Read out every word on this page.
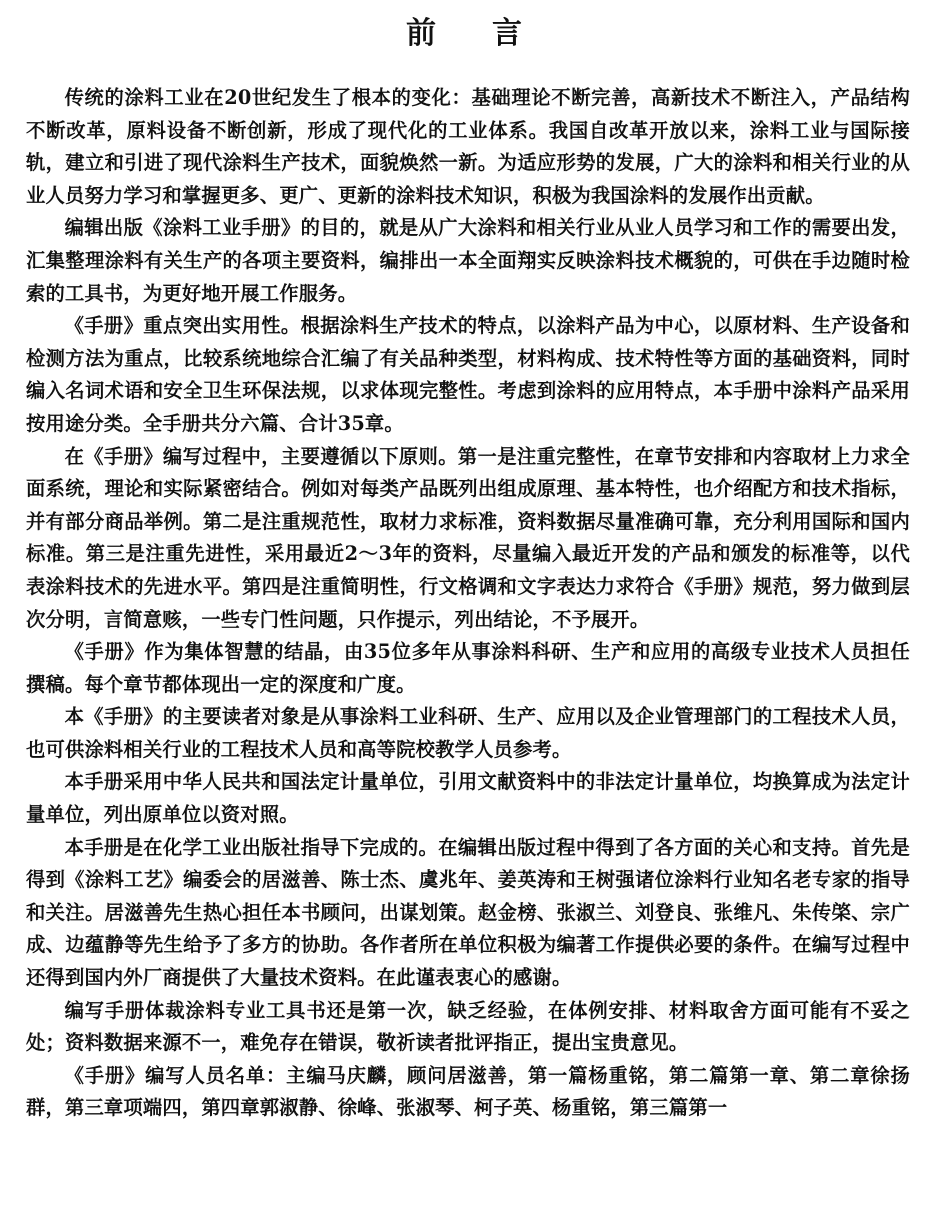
前言

传统的涂料工业在20世纪发生了根本的变化：基础理论不断完善，高新技术不断注入，产品结构不断改革，原料设备不断创新，形成了现代化的工业体系。我国自改革开放以来，涂料工业与国际接轨，建立和引进了现代涂料生产技术，面貌焕然一新。为适应形势的发展，广大的涂料和相关行业的从业人员努力学习和掌握更多、更广、更新的涂料技术知识，积极为我国涂料的发展作出贡献。

编辑出版《涂料工业手册》的目的，就是从广大涂料和相关行业从业人员学习和工作的需要出发，汇集整理涂料有关生产的各项主要资料，编排出一本全面翔实反映涂料技术概貌的，可供在手边随时检索的工具书，为更好地开展工作服务。

《手册》重点突出实用性。根据涂料生产技术的特点，以涂料产品为中心，以原材料、生产设备和检测方法为重点，比较系统地综合汇编了有关品种类型，材料构成、技术特性等方面的基础资料，同时编入名词术语和安全卫生环保法规，以求体现完整性。考虑到涂料的应用特点，本手册中涂料产品采用按用途分类。全手册共分六篇、合计35章。

在《手册》编写过程中，主要遵循以下原则。第一是注重完整性，在章节安排和内容取材上力求全面系统，理论和实际紧密结合。例如对每类产品既列出组成原理、基本特性，也介绍配方和技术指标，并有部分商品举例。第二是注重规范性，取材力求标准，资料数据尽量准确可靠，充分利用国际和国内标准。第三是注重先进性，采用最近2～3年的资料，尽量编入最近开发的产品和颁发的标准等，以代表涂料技术的先进水平。第四是注重简明性，行文格调和文字表达力求符合《手册》规范，努力做到层次分明，言简意赅，一些专门性问题，只作提示，列出结论，不予展开。

《手册》作为集体智慧的结晶，由35位多年从事涂料科研、生产和应用的高级专业技术人员担任撰稿。每个章节都体现出一定的深度和广度。

本《手册》的主要读者对象是从事涂料工业科研、生产、应用以及企业管理部门的工程技术人员，也可供涂料相关行业的工程技术人员和高等院校教学人员参考。

本手册采用中华人民共和国法定计量单位，引用文献资料中的非法定计量单位，均换算成为法定计量单位，列出原单位以资对照。

本手册是在化学工业出版社指导下完成的。在编辑出版过程中得到了各方面的关心和支持。首先是得到《涂料工艺》编委会的居滋善、陈士杰、虞兆年、姜英涛和王树强诸位涂料行业知名老专家的指导和关注。居滋善先生热心担任本书顾问，出谋划策。赵金榜、张淑兰、刘登良、张维凡、朱传棨、宗广成、边蕴静等先生给予了多方的协助。各作者所在单位积极为编著工作提供必要的条件。在编写过程中还得到国内外厂商提供了大量技术资料。在此谨表衷心的感谢。

编写手册体裁涂料专业工具书还是第一次，缺乏经验，在体例安排、材料取舍方面可能有不妥之处；资料数据来源不一，难免存在错误，敬祈读者批评指正，提出宝贵意见。

《手册》编写人员名单：主编马庆麟，顾问居滋善，第一篇杨重铭，第二篇第一章、第二章徐扬群，第三章项端四，第四章郭淑静、徐峰、张淑琴、柯子英、杨重铭，第三篇第一
